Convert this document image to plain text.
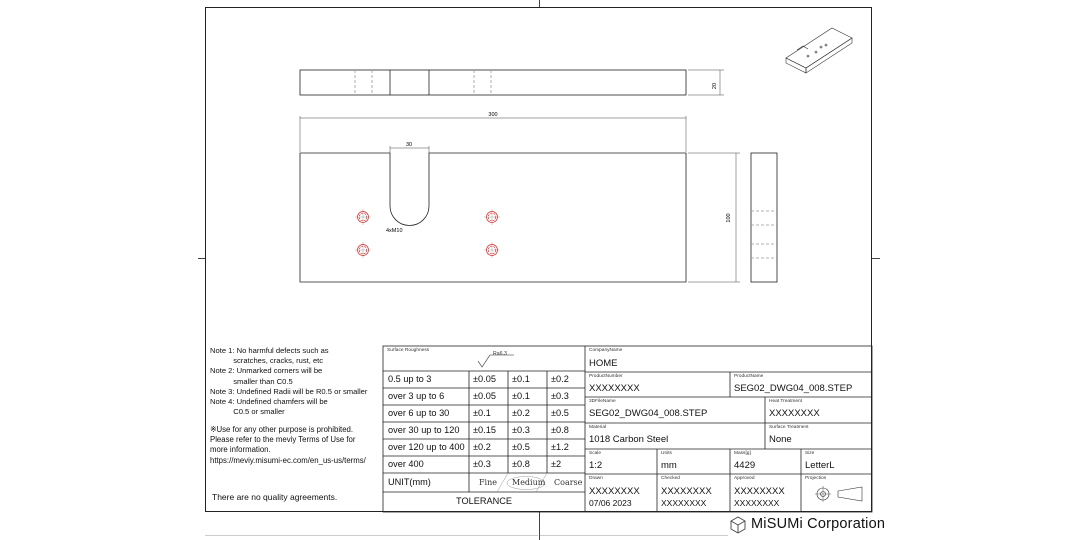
20
300
30
4xM10
100
Note 1: No harmful defects such as
scratches, cracks, rust, etc
Note 2: Unmarked corners will be
smaller than C0.5
Note 3: Undefined Radii will be R0.5 or smaller
Note 4: Undefined chamfers will be
C0.5 or smaller
※Use for any other purpose is prohibited.
Please refer to the meviy Terms of Use for
more information.
https://meviy.misumi-ec.com/en_us-us/terms/
There are no quality agreements.
Surface Roughness
Ra6.3
0.5 up to 3	±0.05 ±0.1 ±0.2
over 3 up to 6	±0.05 ±0.1 ±0.3
over 6 up to 30	±0.1 ±0.2 ±0.5
over 30 up to 120 ±0.15 ±0.3 ±0.8
over 120 up to 400 ±0.2 ±0.5 ±1.2
over 400	±0.3 ±0.8 ±2
UNIT(mm)	Fine Medium Coarse
TOLERANCE
CompanyName
HOME
ProductNumber
XXXXXXXX
ProductName
SEG02_DWG04_008.STEP
3DFileName
SEG02_DWG04_008.STEP
Heat Treatment
XXXXXXXX
Material
1018 Carbon Steel
Surface Treatment
None
Scale
1:2
Units
mm
Mass[g]
4429
Size
LetterL
Drawn
XXXXXXXX
07/06 2023
Checked
XXXXXXXX
XXXXXXXX
Approved
XXXXXXXX
XXXXXXXX
Projection
MiSUMi Corporation
